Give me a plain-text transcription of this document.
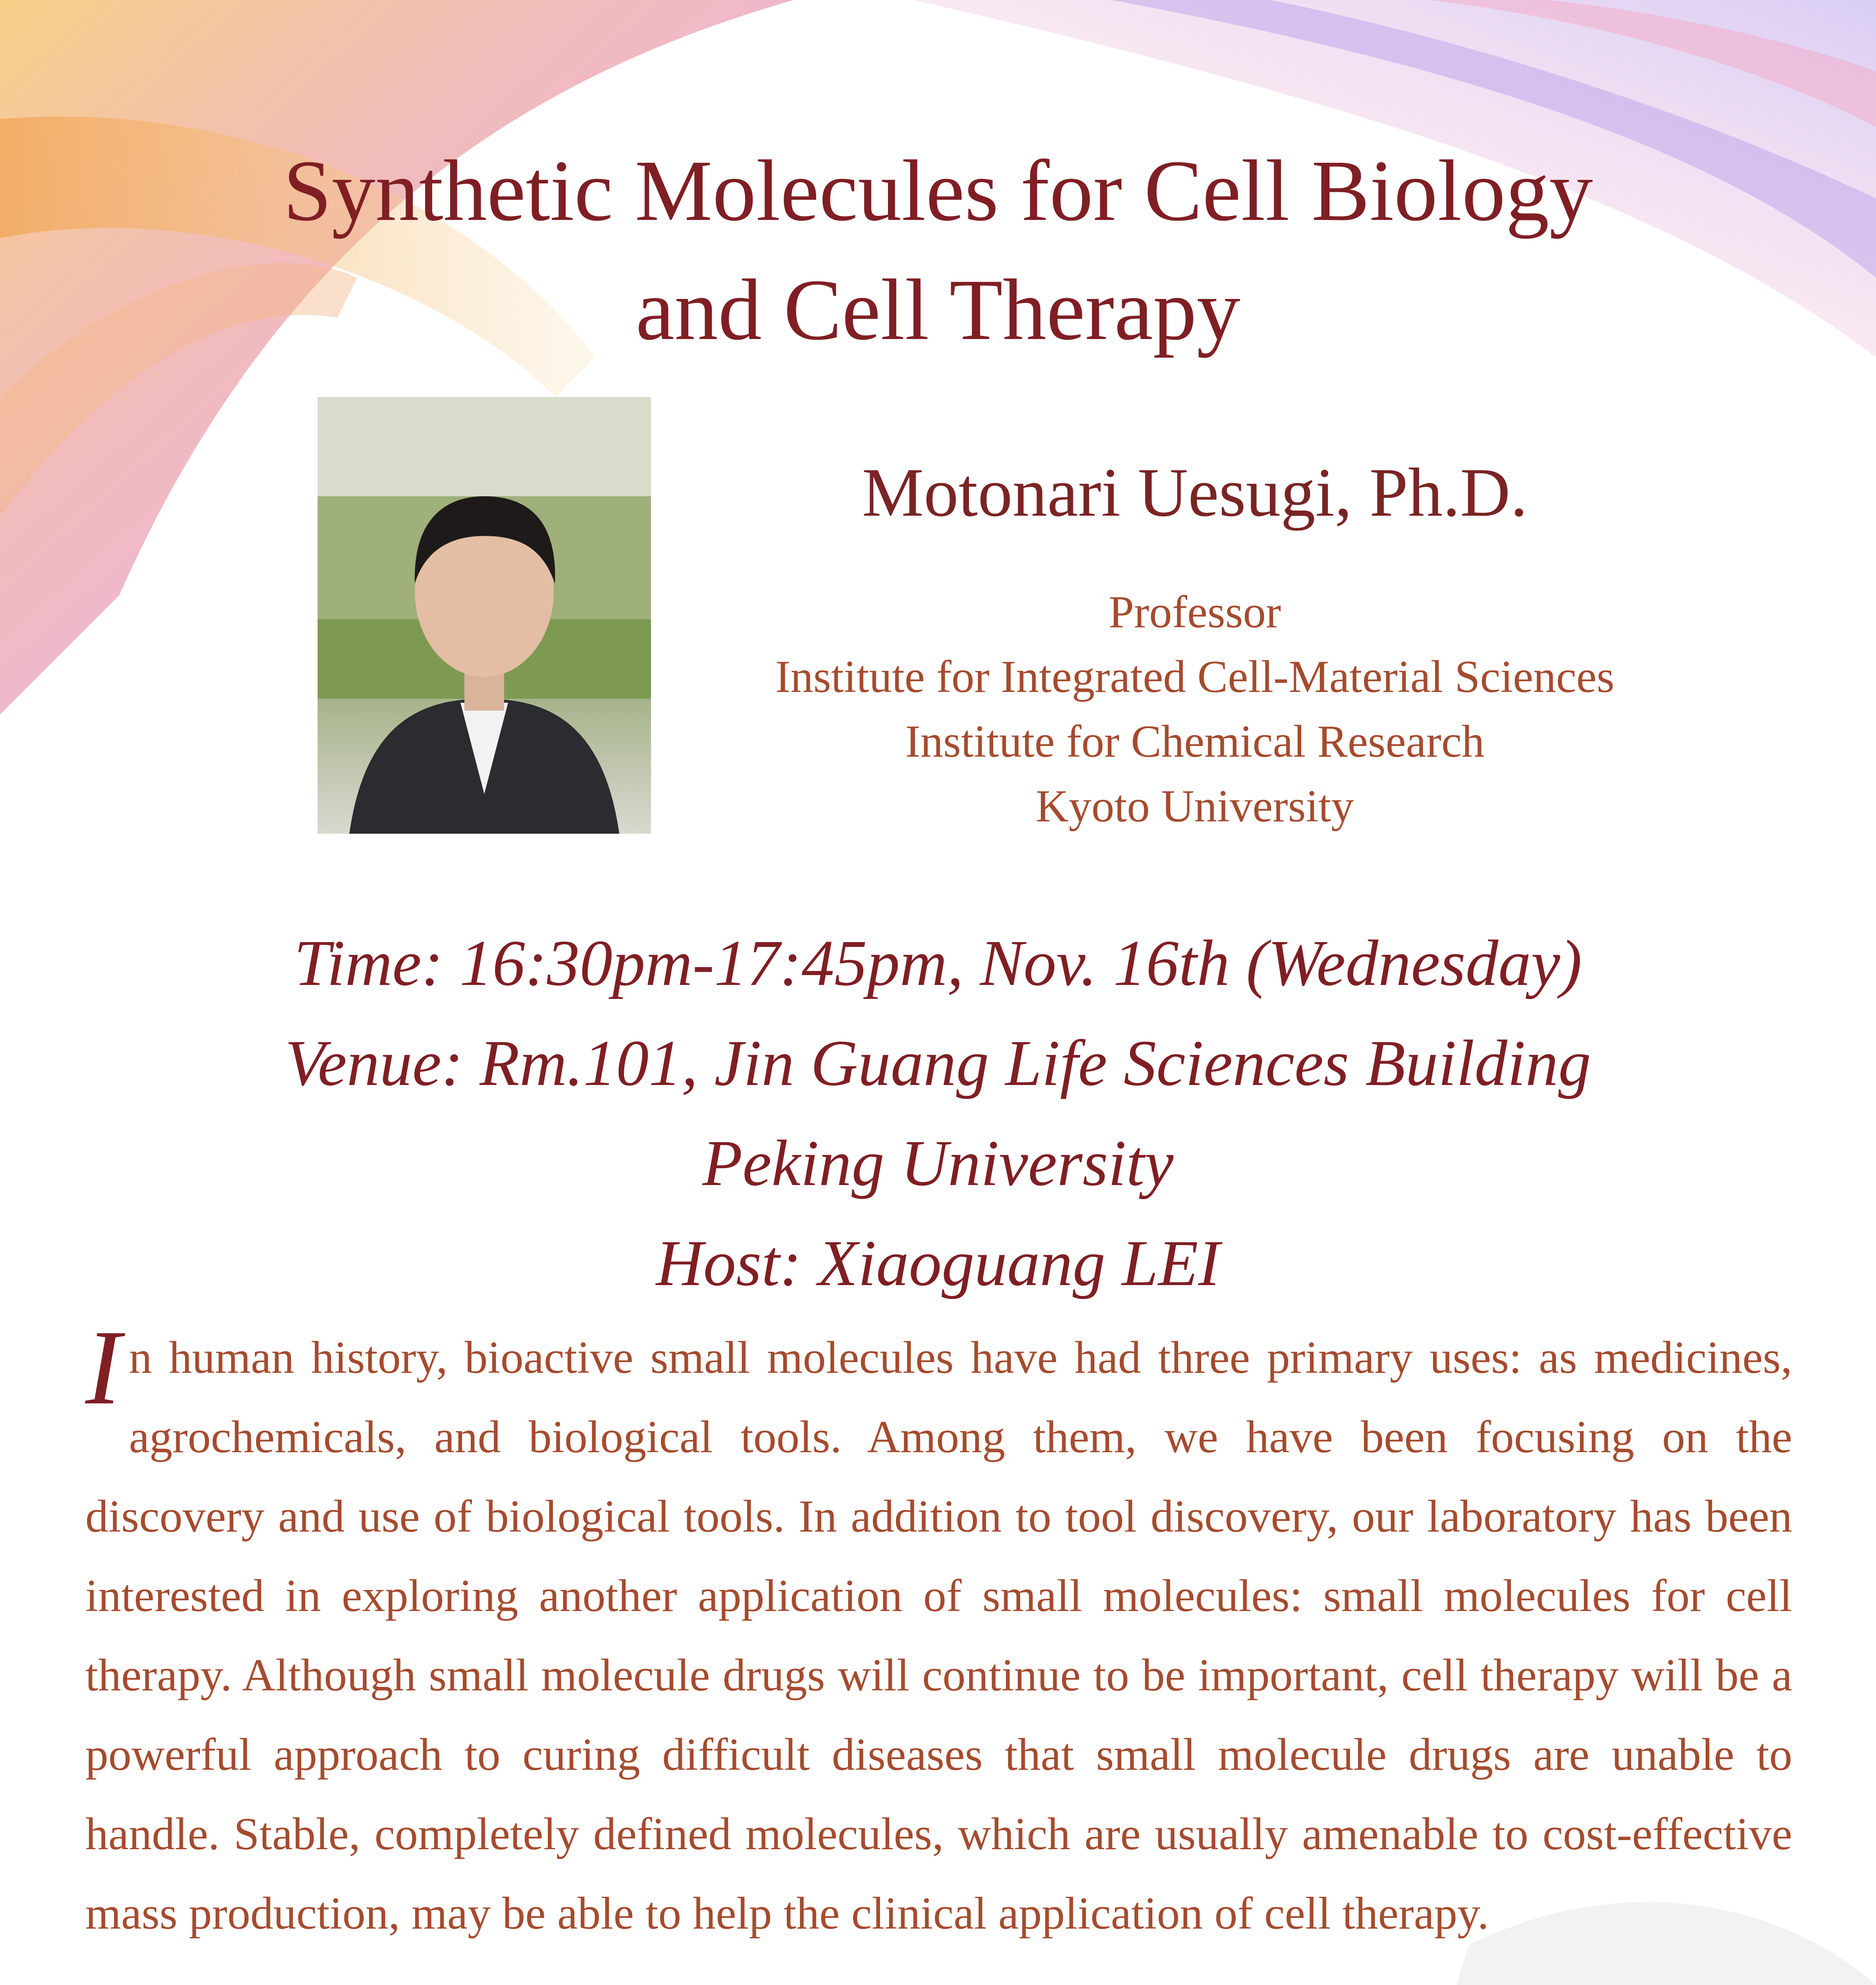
Synthetic Molecules for Cell Biology
and Cell Therapy
Motonari Uesugi, Ph.D.
Professor
Institute for Integrated Cell-Material Sciences
Institute for Chemical Research
Kyoto University
Time: 16:30pm-17:45pm, Nov. 16th (Wednesday)
Venue: Rm.101, Jin Guang Life Sciences Building
Peking University
Host: Xiaoguang LEI

In human history, bioactive small molecules have had three primary uses: as medicines, agrochemicals, and biological tools. Among them, we have been focusing on the discovery and use of biological tools. In addition to tool discovery, our laboratory has been interested in exploring another application of small molecules: small molecules for cell therapy. Although small molecule drugs will continue to be important, cell therapy will be a powerful approach to curing difficult diseases that small molecule drugs are unable to handle. Stable, completely defined molecules, which are usually amenable to cost-effective mass production, may be able to help the clinical application of cell therapy.
